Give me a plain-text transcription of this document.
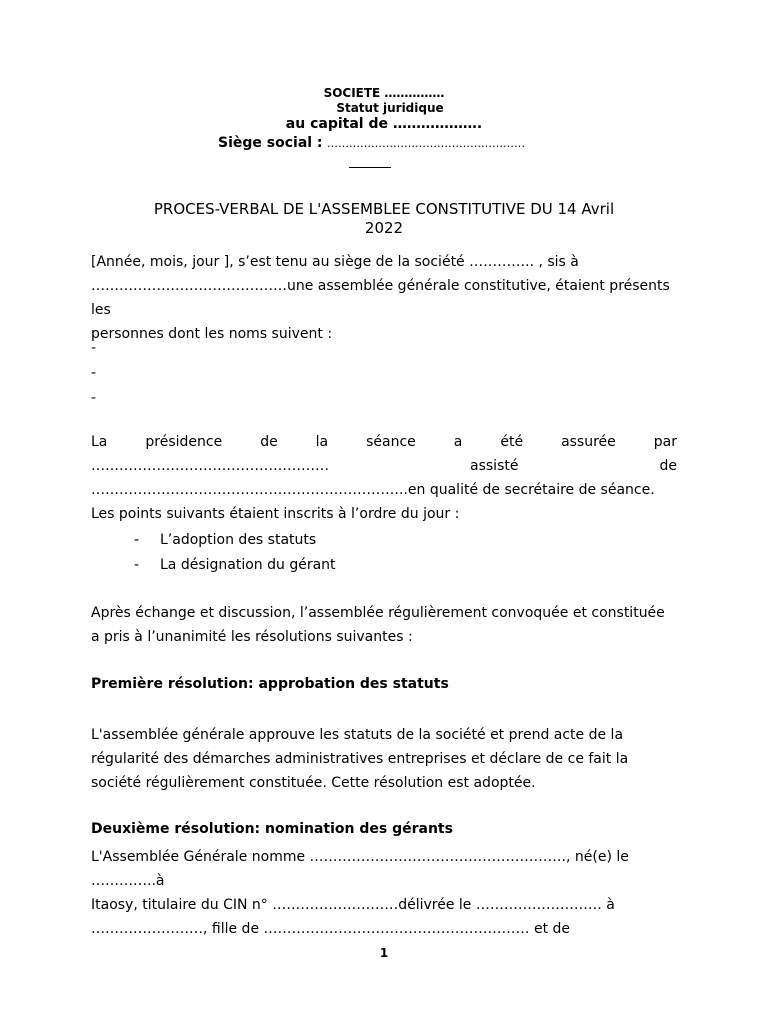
SOCIETE ……………
Statut juridique
au capital de ……………….
Siège social : ………………………………………………
PROCES-VERBAL DE L'ASSEMBLEE CONSTITUTIVE DU 14 Avril
2022
[Année, mois, jour ], s’est tenu au siège de la société ………….. , sis à
……………………………………une assemblée générale constitutive, étaient présents les
personnes dont les noms suivent :
-
-
-
La	présidence	de	la	séance	a	été	assurée	par
……………………………………………	assisté	de
…………………………………………………………..en qualité de secrétaire de séance.
Les points suivants étaient inscrits à l’ordre du jour :
-	L’adoption des statuts
-	La désignation du gérant
Après échange et discussion, l’assemblée régulièrement convoquée et constituée
a pris à l’unanimité les résolutions suivantes :
Première résolution: approbation des statuts
L'assemblée générale approuve les statuts de la société et prend acte de la
régularité des démarches administratives entreprises et déclare de ce fait la
société régulièrement constituée. Cette résolution est adoptée.
Deuxième résolution: nomination des gérants
L'Assemblée Générale nomme ………………………………………………., né(e) le …………..à
Itaosy, titulaire du CIN n° ………………………délivrée le ……………………… à
……………………, fille de ………………………………………………… et de
1
